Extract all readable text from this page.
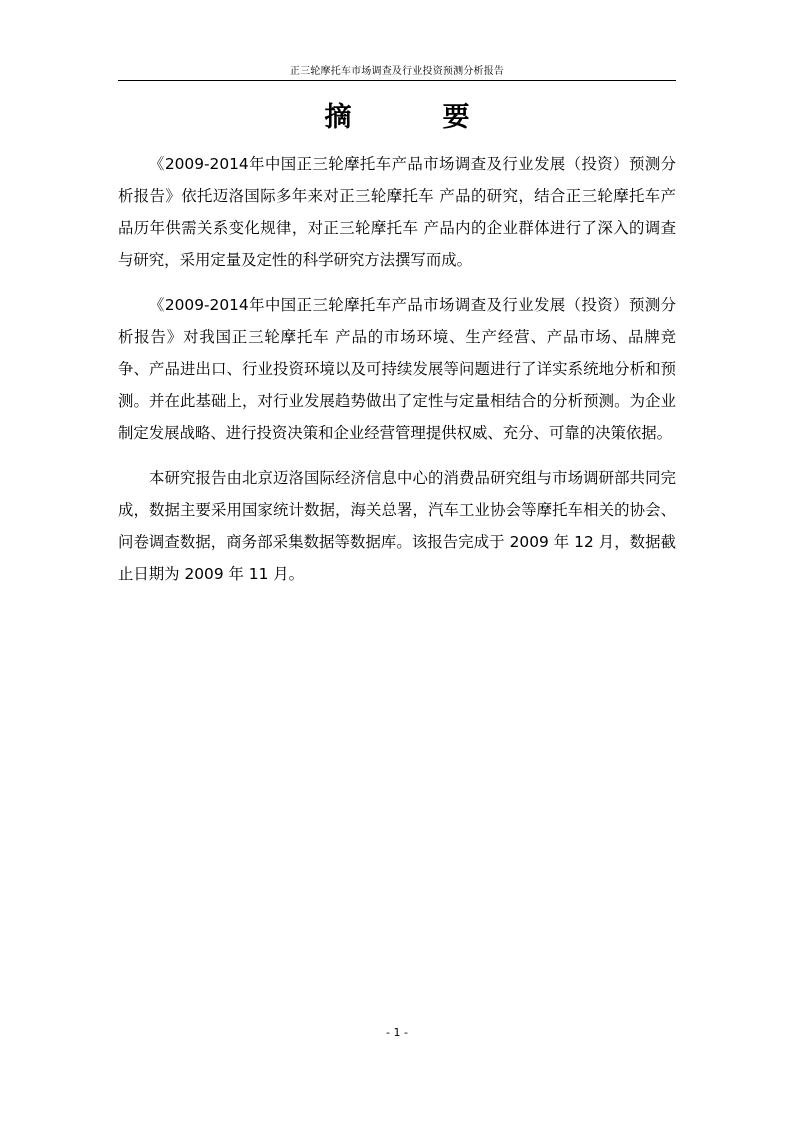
正三轮摩托车市场调查及行业投资预测分析报告
摘　要

《2009-2014年中国正三轮摩托车产品市场调查及行业发展（投资）预测分析报告》依托迈洛国际多年来对正三轮摩托车 产品的研究，结合正三轮摩托车产品历年供需关系变化规律，对正三轮摩托车 产品内的企业群体进行了深入的调查与研究，采用定量及定性的科学研究方法撰写而成。

《2009-2014年中国正三轮摩托车产品市场调查及行业发展（投资）预测分析报告》对我国正三轮摩托车 产品的市场环境、生产经营、产品市场、品牌竞争、产品进出口、行业投资环境以及可持续发展等问题进行了详实系统地分析和预测。并在此基础上，对行业发展趋势做出了定性与定量相结合的分析预测。为企业制定发展战略、进行投资决策和企业经营管理提供权威、充分、可靠的决策依据。

本研究报告由北京迈洛国际经济信息中心的消费品研究组与市场调研部共同完成，数据主要采用国家统计数据，海关总署，汽车工业协会等摩托车相关的协会、问卷调查数据，商务部采集数据等数据库。该报告完成于 2009 年 12 月，数据截止日期为 2009 年 11 月。

- 1 -
